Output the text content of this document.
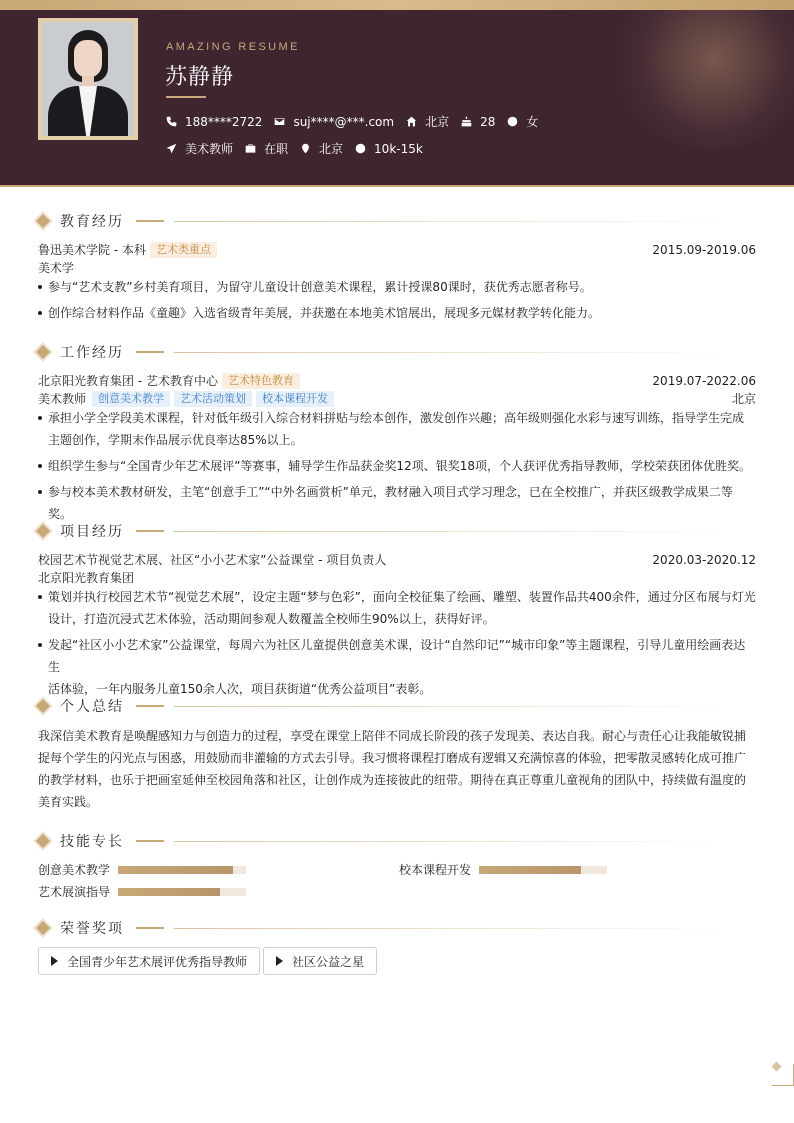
AMAZING RESUME
苏静静
188****2722	suj****@***.com	北京	28	女
美术教师	在职	北京	10k-15k
教育经历
鲁迅美术学院 - 本科 艺术类重点	2015.09-2019.06
美术学
参与“艺术支教”乡村美育项目，为留守儿童设计创意美术课程，累计授课80课时，获优秀志愿者称号。
创作综合材料作品《童趣》入选省级青年美展，并获邀在本地美术馆展出，展现多元媒材教学转化能力。
工作经历
北京阳光教育集团 - 艺术教育中心 艺术特色教育	2019.07-2022.06
美术教师	创意美术教学	艺术活动策划	校本课程开发	北京
承担小学全学段美术课程，针对低年级引入综合材料拼贴与绘本创作，激发创作兴趣；高年级则强化水彩与速写训练，指导学生完成
主题创作，学期末作品展示优良率达85%以上。
组织学生参与“全国青少年艺术展评”等赛事，辅导学生作品获金奖12项、银奖18项，个人获评优秀指导教师，学校荣获团体优胜奖。
参与校本美术教材研发，主笔“创意手工”“中外名画赏析”单元，教材融入项目式学习理念，已在全校推广，并获区级教学成果二等奖。
项目经历
校园艺术节视觉艺术展、社区“小小艺术家”公益课堂 - 项目负责人	2020.03-2020.12
北京阳光教育集团
策划并执行校园艺术节“视觉艺术展”，设定主题“梦与色彩”，面向全校征集了绘画、雕塑、装置作品共400余件，通过分区布展与灯光
设计，打造沉浸式艺术体验，活动期间参观人数覆盖全校师生90%以上，获得好评。
发起“社区小小艺术家”公益课堂，每周六为社区儿童提供创意美术课，设计“自然印记”“城市印象”等主题课程，引导儿童用绘画表达生
活体验，一年内服务儿童150余人次，项目获街道“优秀公益项目”表彰。
个人总结
我深信美术教育是唤醒感知力与创造力的过程，享受在课堂上陪伴不同成长阶段的孩子发现美、表达自我。耐心与责任心让我能敏锐捕
捉每个学生的闪光点与困惑，用鼓励而非灌输的方式去引导。我习惯将课程打磨成有逻辑又充满惊喜的体验，把零散灵感转化成可推广
的教学材料，也乐于把画室延伸至校园角落和社区，让创作成为连接彼此的纽带。期待在真正尊重儿童视角的团队中，持续做有温度的
美育实践。
技能专长
创意美术教学	校本课程开发
艺术展演指导
荣誉奖项
全国青少年艺术展评优秀指导教师	社区公益之星
